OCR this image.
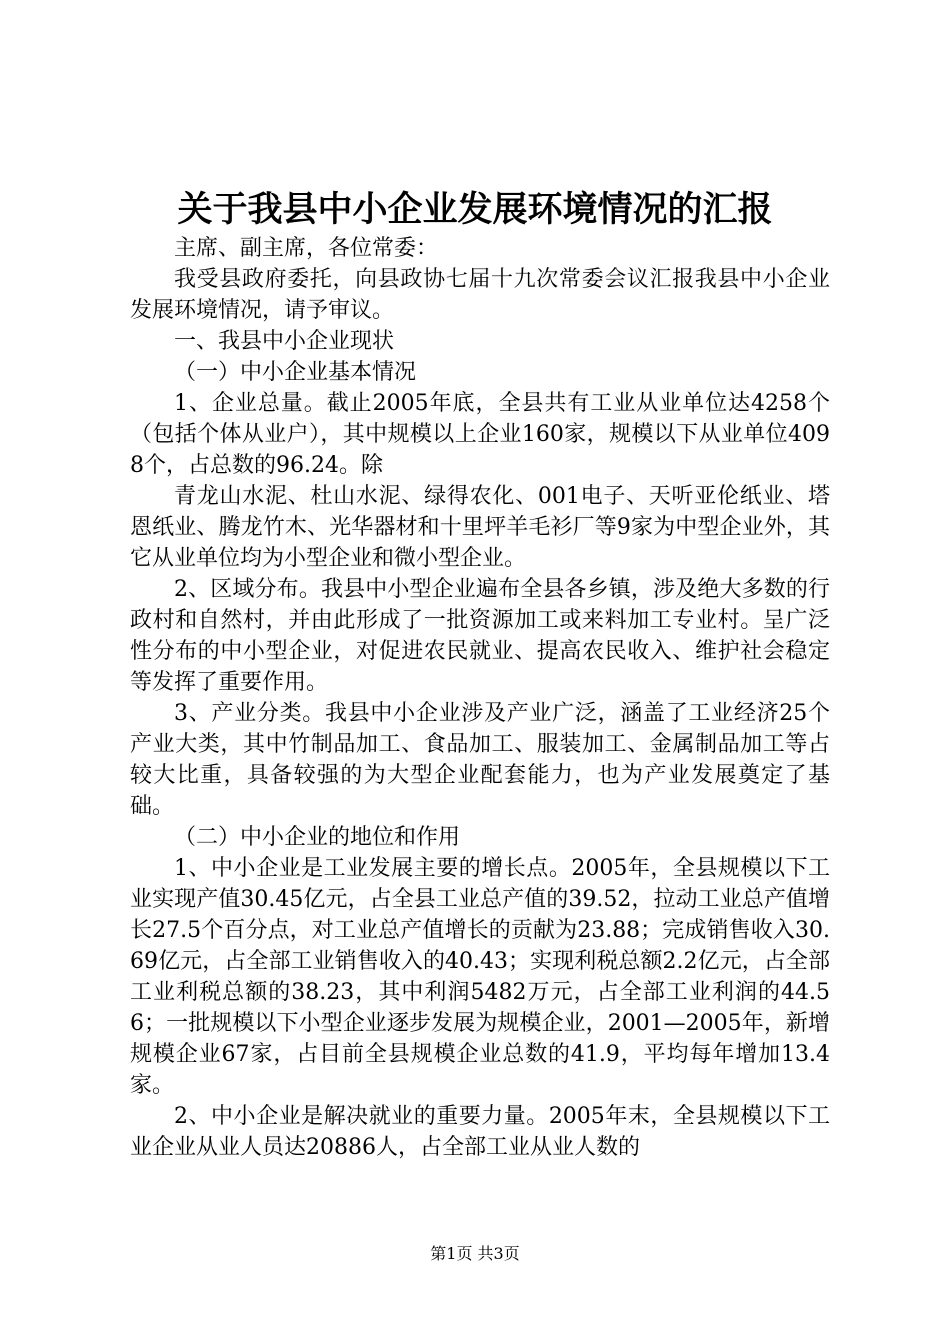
关于我县中小企业发展环境情况的汇报

主席、副主席，各位常委：

我受县政府委托，向县政协七届十九次常委会议汇报我县中小企业发展环境情况，请予审议。

一、我县中小企业现状

（一）中小企业基本情况

1、企业总量。截止2005年底，全县共有工业从业单位达4258个（包括个体从业户），其中规模以上企业160家，规模以下从业单位4098个，占总数的96.24。除

青龙山水泥、杜山水泥、绿得农化、001电子、天听亚伦纸业、塔恩纸业、腾龙竹木、光华器材和十里坪羊毛衫厂等9家为中型企业外，其它从业单位均为小型企业和微小型企业。

2、区域分布。我县中小型企业遍布全县各乡镇，涉及绝大多数的行政村和自然村，并由此形成了一批资源加工或来料加工专业村。呈广泛性分布的中小型企业，对促进农民就业、提高农民收入、维护社会稳定等发挥了重要作用。

3、产业分类。我县中小企业涉及产业广泛，涵盖了工业经济25个产业大类，其中竹制品加工、食品加工、服装加工、金属制品加工等占较大比重，具备较强的为大型企业配套能力，也为产业发展奠定了基础。

（二）中小企业的地位和作用

1、中小企业是工业发展主要的增长点。2005年，全县规模以下工业实现产值30.45亿元，占全县工业总产值的39.52，拉动工业总产值增长27.5个百分点，对工业总产值增长的贡献为23.88；完成销售收入30.69亿元，占全部工业销售收入的40.43；实现利税总额2.2亿元，占全部工业利税总额的38.23，其中利润5482万元，占全部工业利润的44.56；一批规模以下小型企业逐步发展为规模企业，2001—2005年，新增规模企业67家，占目前全县规模企业总数的41.9，平均每年增加13.4家。

2、中小企业是解决就业的重要力量。2005年末，全县规模以下工业企业从业人员达20886人，占全部工业从业人数的

第1页 共3页
